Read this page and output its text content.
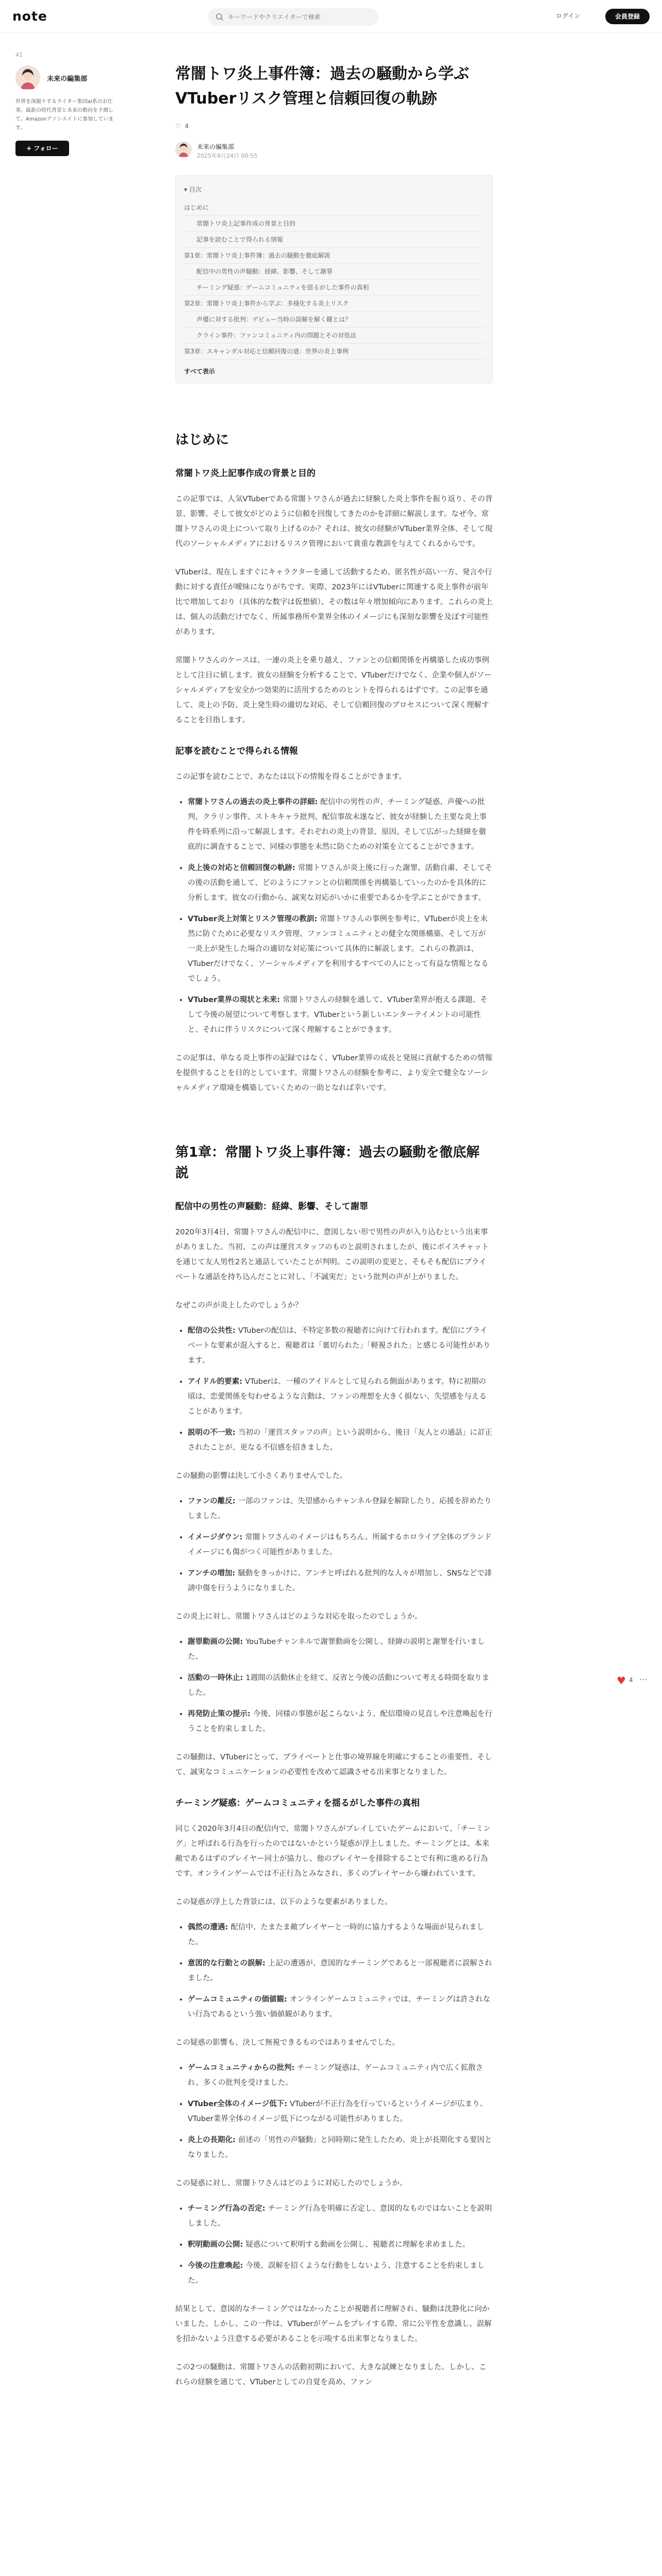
note
キーワードやクリエイターで検索	ログイン	会員登録
41
未来の編集部
世界を深掘りするライター集団ai系のお仕事。最新の時代背景と未来の動向を予測して、Amazonアソシエイトに参加しています。
+ フォロー
常闇トワ炎上事件簿：過去の騒動から学ぶVTuberリスク管理と信頼回復の軌跡
♡ 4
未来の編集部
2025年9月24日 00:55
▾ 目次
はじめに
常闇トワ炎上記事作成の背景と目的
記事を読むことで得られる情報
第1章：常闇トワ炎上事件簿：過去の騒動を徹底解説
配信中の男性の声騒動：経緯、影響、そして謝罪
チーミング疑惑：ゲームコミュニティを揺るがした事件の真相
第2章：常闇トワ炎上事件から学ぶ：多様化する炎上リスク
声優に対する批判：デビュー当時の誤解を解く鍵とは？
クライン事件：ファンコミュニティ内の問題とその対処法
第3章：スキャンダル対応と信頼回復の道：世界の炎上事例
すべて表示
はじめに
常闇トワ炎上記事作成の背景と目的

この記事では、人気VTuberである常闇トワさんが過去に経験した炎上事件を振り返り、その背景、影響、そして彼女がどのように信頼を回復してきたのかを詳細に解説します。なぜ今、常闇トワさんの炎上について取り上げるのか？それは、彼女の経験がVTuber業界全体、そして現代のソーシャルメディアにおけるリスク管理において貴重な教訓を与えてくれるからです。

VTuberは、現在しますぐにキャラクターを通して活動するため、匿名性が高い一方、発言や行動に対する責任が曖昧になりがちです。実際、2023年にはVTuberに関連する炎上事件が前年比で増加しており（具体的な数字は仮想値）、その数は年々増加傾向にあります。これらの炎上は、個人の活動だけでなく、所属事務所や業界全体のイメージにも深刻な影響を及ぼす可能性があります。

常闇トワさんのケースは、一連の炎上を乗り越え、ファンとの信頼関係を再構築した成功事例として注目に値します。彼女の経験を分析することで、VTuberだけでなく、企業や個人がソーシャルメディアを安全かつ効果的に活用するためのヒントを得られるはずです。この記事を通して、炎上の予防、炎上発生時の適切な対応、そして信頼回復のプロセスについて深く理解することを目指します。

記事を読むことで得られる情報

この記事を読むことで、あなたは以下の情報を得ることができます。

• 常闇トワさんの過去の炎上事件の詳細: 配信中の男性の声、チーミング疑惑、声優への批判、クラリン事件、ストキキャラ批判、配信事故未遂など、彼女が経験した主要な炎上事件を時系列に沿って解説します。それぞれの炎上の背景、原因、そして広がった経緯を徹底的に調査することで、同様の事態を未然に防ぐための対策を立てることができます。
• 炎上後の対応と信頼回復の軌跡: 常闇トワさんが炎上後に行った謝罪、活動自粛、そしてその後の活動を通して、どのようにファンとの信頼関係を再構築していったのかを具体的に分析します。彼女の行動から、誠実な対応がいかに重要であるかを学ぶことができます。
• VTuber炎上対策とリスク管理の教訓: 常闇トワさんの事例を参考に、VTuberが炎上を未然に防ぐために必要なリスク管理、ファンコミュニティとの健全な関係構築、そして万が一炎上が発生した場合の適切な対応策について具体的に解説します。これらの教訓は、VTuberだけでなく、ソーシャルメディアを利用するすべての人にとって有益な情報となるでしょう。
• VTuber業界の現状と未来: 常闇トワさんの経験を通して、VTuber業界が抱える課題、そして今後の展望について考察します。VTuberという新しいエンターテイメントの可能性と、それに伴うリスクについて深く理解することができます。

この記事は、単なる炎上事件の記録ではなく、VTuber業界の成長と発展に貢献するための情報を提供することを目的としています。常闇トワさんの経験を参考に、より安全で健全なソーシャルメディア環境を構築していくための一助となれば幸いです。

第1章：常闇トワ炎上事件簿：過去の騒動を徹底解説
配信中の男性の声騒動：経緯、影響、そして謝罪

2020年3月4日、常闇トワさんの配信中に、意図しない形で男性の声が入り込むという出来事がありました。当初、この声は運営スタッフのものと説明されましたが、後にボイスチャットを通じて友人男性2名と通話していたことが判明。この説明の変更と、そもそも配信にプライベートな通話を持ち込んだことに対し、「不誠実だ」という批判の声が上がりました。

なぜこの声が炎上したのでしょうか？

• 配信の公共性: VTuberの配信は、不特定多数の視聴者に向けて行われます。配信にプライベートな要素が混入すると、視聴者は「裏切られた」「軽視された」と感じる可能性があります。
• アイドル的要素: VTuberは、一種のアイドルとして見られる側面があります。特に初期の頃は、恋愛関係を匂わせるような言動は、ファンの理想を大きく損ない、失望感を与えることがあります。
• 説明の不一致: 当初の「運営スタッフの声」という説明から、後日「友人との通話」に訂正されたことが、更なる不信感を招きました。

この騒動の影響は決して小さくありませんでした。

• ファンの離反: 一部のファンは、失望感からチャンネル登録を解除したり、応援を辞めたりしました。
• イメージダウン: 常闇トワさんのイメージはもちろん、所属するホロライブ全体のブランドイメージにも傷がつく可能性がありました。
• アンチの増加: 騒動をきっかけに、アンチと呼ばれる批判的な人々が増加し、SNSなどで誹謗中傷を行うようになりました。

この炎上に対し、常闇トワさんはどのような対応を取ったのでしょうか。

• 謝罪動画の公開: YouTubeチャンネルで謝罪動画を公開し、経緯の説明と謝罪を行いました。
• 活動の一時休止: 1週間の活動休止を経て、反省と今後の活動について考える時間を取りました。
• 再発防止策の提示: 今後、同様の事態が起こらないよう、配信環境の見直しや注意喚起を行うことを約束しました。

この騒動は、VTuberにとって、プライベートと仕事の境界線を明確にすることの重要性、そして、誠実なコミュニケーションの必要性を改めて認識させる出来事となりました。

チーミング疑惑：ゲームコミュニティを揺るがした事件の真相

同じく2020年3月4日の配信内で、常闇トワさんがプレイしていたゲームにおいて、「チーミング」と呼ばれる行為を行ったのではないかという疑惑が浮上しました。チーミングとは、本来敵であるはずのプレイヤー同士が協力し、他のプレイヤーを排除することで有利に進める行為です。オンラインゲームでは不正行為とみなされ、多くのプレイヤーから嫌われています。

この疑惑が浮上した背景には、以下のような要素がありました。

• 偶然の遭遇: 配信中、たまたま敵プレイヤーと一時的に協力するような場面が見られました。
• 意図的な行動との誤解: 上記の遭遇が、意図的なチーミングであると一部視聴者に誤解されました。
• ゲームコミュニティの価値観: オンラインゲームコミュニティでは、チーミングは許されない行為であるという強い価値観があります。

この疑惑の影響も、決して無視できるものではありませんでした。

• ゲームコミュニティからの批判: チーミング疑惑は、ゲームコミュニティ内で広く拡散され、多くの批判を受けました。
• VTuber全体のイメージ低下: VTuberが不正行為を行っているというイメージが広まり、VTuber業界全体のイメージ低下につながる可能性がありました。
• 炎上の長期化: 前述の「男性の声騒動」と同時期に発生したため、炎上が長期化する要因となりました。

この疑惑に対し、常闇トワさんはどのように対応したのでしょうか。

• チーミング行為の否定: チーミング行為を明確に否定し、意図的なものではないことを説明しました。
• 釈明動画の公開: 疑惑について釈明する動画を公開し、視聴者に理解を求めました。
• 今後の注意喚起: 今後、誤解を招くような行動をしないよう、注意することを約束しました。

結果として、意図的なチーミングではなかったことが視聴者に理解され、騒動は沈静化に向かいました。しかし、この一件は、VTuberがゲームをプレイする際、常に公平性を意識し、誤解を招かないよう注意する必要があることを示唆する出来事となりました。

この2つの騒動は、常闇トワさんの活動初期において、大きな試練となりました。しかし、これらの経験を通じて、VTuberとしての自覚を高め、ファン

♥ 4 ⋯
